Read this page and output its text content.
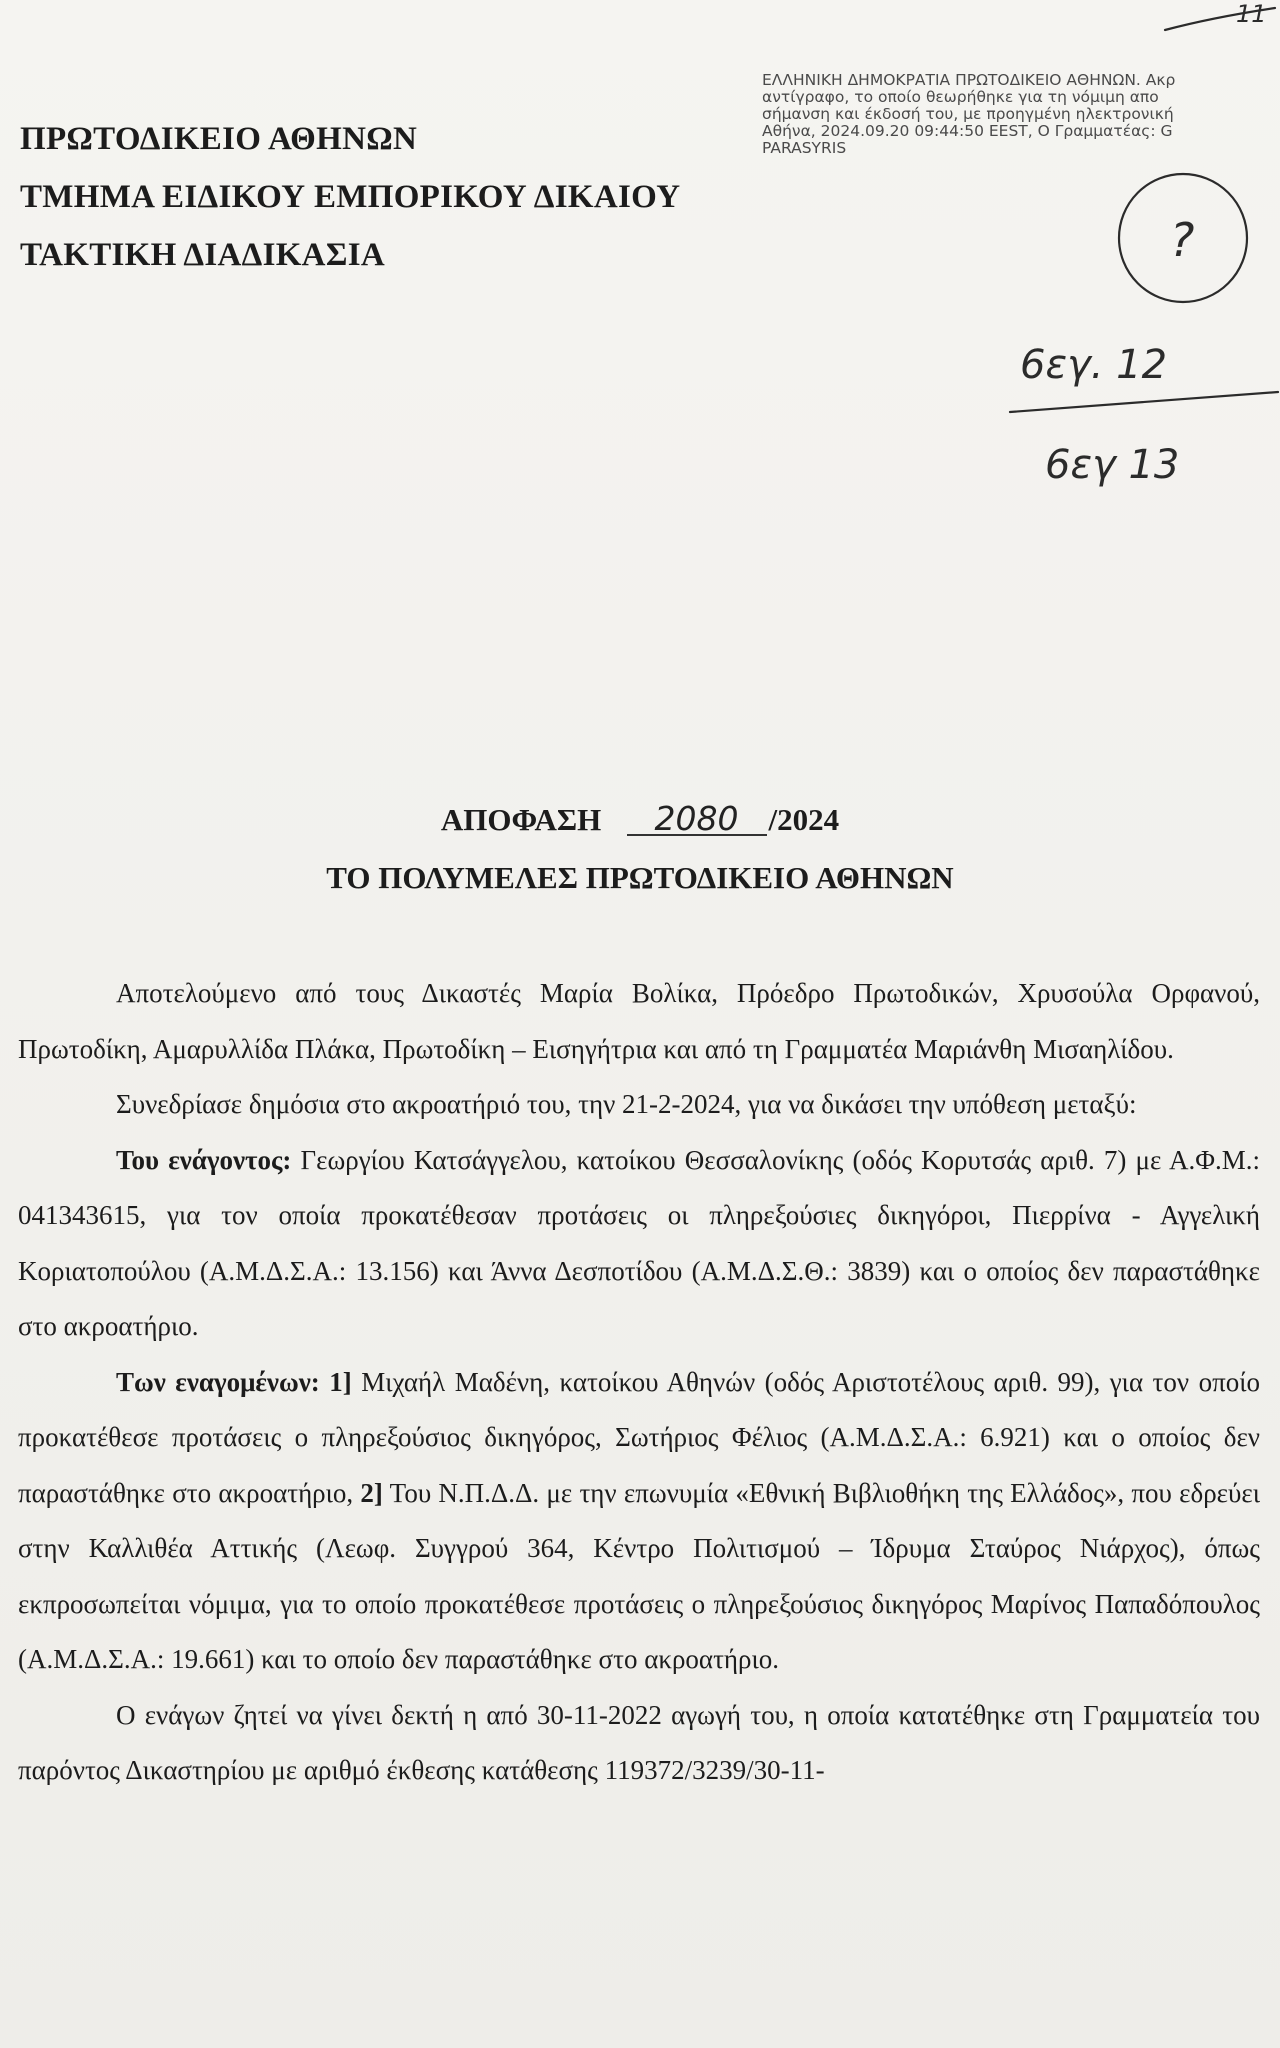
ΠΡΩΤΟΔΙΚΕΙΟ ΑΘΗΝΩΝ
ΤΜΗΜΑ ΕΙΔΙΚΟΥ ΕΜΠΟΡΙΚΟΥ ΔΙΚΑΙΟΥ
ΤΑΚΤΙΚΗ ΔΙΑΔΙΚΑΣΙΑ
ΕΛΛΗΝΙΚΗ ΔΗΜΟΚΡΑΤΙΑ ΠΡΩΤΟΔΙΚΕΙΟ ΑΘΗΝΩΝ. Ακρ
αντίγραφο, το οποίο θεωρήθηκε για τη νόμιμη απο
σήμανση και έκδοσή του, με προηγμένη ηλεκτρονική
Αθήνα, 2024.09.20 09:44:50 EEST, Ο Γραμματέας: G
PARASYRIS
11
?
6εγ. 12
6εγ 13
ΑΠΟΦΑΣΗ 2080 /2024
ΤΟ ΠΟΛΥΜΕΛΕΣ ΠΡΩΤΟΔΙΚΕΙΟ ΑΘΗΝΩΝ

Αποτελούμενο από τους Δικαστές Μαρία Βολίκα, Πρόεδρο Πρωτοδικών, Χρυσούλα Ορφανού, Πρωτοδίκη, Αμαρυλλίδα Πλάκα, Πρωτοδίκη – Εισηγήτρια και από τη Γραμματέα Μαριάνθη Μισαηλίδου.

Συνεδρίασε δημόσια στο ακροατήριό του, την 21-2-2024, για να δικάσει την υπόθεση μεταξύ:

Του ενάγοντος: Γεωργίου Κατσάγγελου, κατοίκου Θεσσαλονίκης (οδός Κορυτσάς αριθ. 7) με Α.Φ.Μ.: 041343615, για τον οποία προκατέθεσαν προτάσεις οι πληρεξούσιες δικηγόροι, Πιερρίνα - Αγγελική Κοριατοπούλου (Α.Μ.Δ.Σ.Α.: 13.156) και Άννα Δεσποτίδου (Α.Μ.Δ.Σ.Θ.: 3839) και ο οποίος δεν παραστάθηκε στο ακροατήριο.

Των εναγομένων: 1] Μιχαήλ Μαδένη, κατοίκου Αθηνών (οδός Αριστοτέλους αριθ. 99), για τον οποίο προκατέθεσε προτάσεις ο πληρεξούσιος δικηγόρος, Σωτήριος Φέλιος (Α.Μ.Δ.Σ.Α.: 6.921) και ο οποίος δεν παραστάθηκε στο ακροατήριο, 2] Του Ν.Π.Δ.Δ. με την επωνυμία «Εθνική Βιβλιοθήκη της Ελλάδος», που εδρεύει στην Καλλιθέα Αττικής (Λεωφ. Συγγρού 364, Κέντρο Πολιτισμού – Ίδρυμα Σταύρος Νιάρχος), όπως εκπροσωπείται νόμιμα, για το οποίο προκατέθεσε προτάσεις ο πληρεξούσιος δικηγόρος Μαρίνος Παπαδόπουλος (Α.Μ.Δ.Σ.Α.: 19.661) και το οποίο δεν παραστάθηκε στο ακροατήριο.

Ο ενάγων ζητεί να γίνει δεκτή η από 30-11-2022 αγωγή του, η οποία κατατέθηκε στη Γραμματεία του παρόντος Δικαστηρίου με αριθμό έκθεσης κατάθεσης 119372/3239/30-11-
